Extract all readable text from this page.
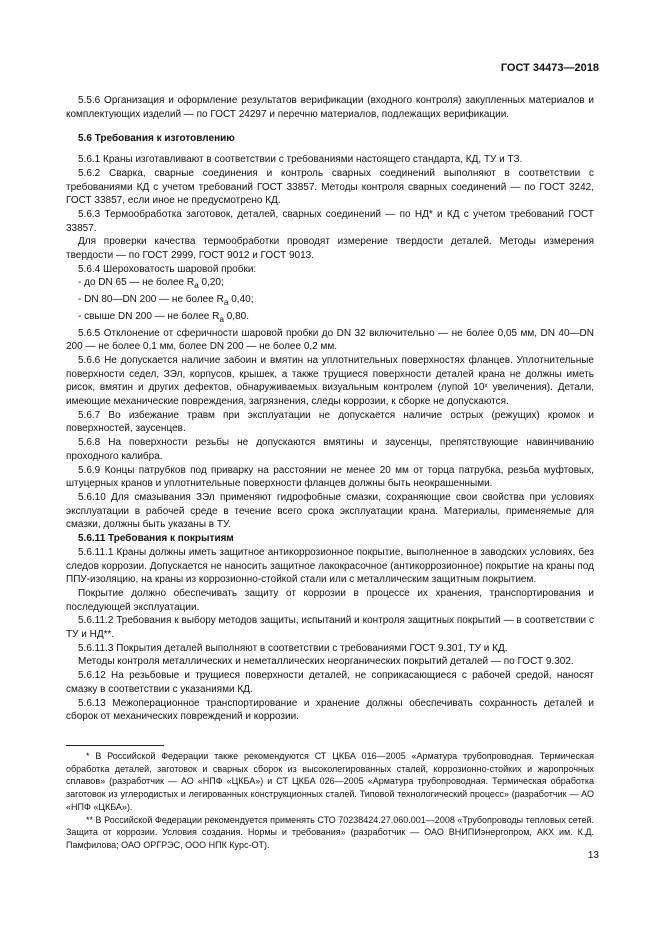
ГОСТ 34473—2018

5.5.6 Организация и оформление результатов верификации (входного контроля) закупленных материалов и комплектующих изделий — по ГОСТ 24297 и перечню материалов, подлежащих верификации.

5.6 Требования к изготовлению

5.6.1 Краны изготавливают в соответствии с требованиями настоящего стандарта, КД, ТУ и ТЗ.

5.6.2 Сварка, сварные соединения и контроль сварных соединений выполняют в соответствии с требованиями КД с учетом требований ГОСТ 33857. Методы контроля сварных соединений — по ГОСТ 3242, ГОСТ 33857, если иное не предусмотрено КД.

5.6.3 Термообработка заготовок, деталей, сварных соединений — по НД* и КД с учетом требований ГОСТ 33857.

Для проверки качества термообработки проводят измерение твердости деталей. Методы измерения твердости — по ГОСТ 2999, ГОСТ 9012 и ГОСТ 9013.

5.6.4 Шероховатость шаровой пробки:

- до DN 65 — не более $R_a$ 0,20;

- DN 80—DN 200 — не более $R_a$ 0,40;

- свыше DN 200 — не более $R_a$ 0,80.

5.6.5 Отклонение от сферичности шаровой пробки до DN 32 включительно — не более 0,05 мм, DN 40—DN 200 — не более 0,1 мм, более DN 200 — не более 0,2 мм.

5.6.6 Не допускается наличие забоин и вмятин на уплотнительных поверхностях фланцев. Уплотнительные поверхности седел, ЗЭл, корпусов, крышек, а также трущиеся поверхности деталей крана не должны иметь рисок, вмятин и других дефектов, обнаруживаемых визуальным контролем (лупой 10ˣ увеличения). Детали, имеющие механические повреждения, загрязнения, следы коррозии, к сборке не допускаются.

5.6.7 Во избежание травм при эксплуатации не допускается наличие острых (режущих) кромок и поверхностей, заусенцев.

5.6.8 На поверхности резьбы не допускаются вмятины и заусенцы, препятствующие навинчиванию проходного калибра.

5.6.9 Концы патрубков под приварку на расстоянии не менее 20 мм от торца патрубка, резьба муфтовых, штуцерных кранов и уплотнительные поверхности фланцев должны быть неокрашенными.

5.6.10 Для смазывания ЗЭл применяют гидрофобные смазки, сохраняющие свои свойства при условиях эксплуатации в рабочей среде в течение всего срока эксплуатации крана. Материалы, применяемые для смазки, должны быть указаны в ТУ.

5.6.11 Требования к покрытиям

5.6.11.1 Краны должны иметь защитное антикоррозионное покрытие, выполненное в заводских условиях, без следов коррозии. Допускается не наносить защитное лакокрасочное (антикоррозионное) покрытие на краны под ППУ-изоляцию, на краны из коррозионно-стойкой стали или с металлическим защитным покрытием.

Покрытие должно обеспечивать защиту от коррозии в процессе их хранения, транспортирования и последующей эксплуатации.

5.6.11.2 Требования к выбору методов защиты, испытаний и контроля защитных покрытий — в соответствии с ТУ и НД**.

5.6.11.3 Покрытия деталей выполняют в соответствии с требованиями ГОСТ 9.301, ТУ и КД.

Методы контроля металлических и неметаллических неорганических покрытий деталей — по ГОСТ 9.302.

5.6.12 На резьбовые и трущиеся поверхности деталей, не соприкасающиеся с рабочей средой, наносят смазку в соответствии с указаниями КД.

5.6.13 Межоперационное транспортирование и хранение должны обеспечивать сохранность деталей и сборок от механических повреждений и коррозии.

* В Российской Федерации также рекомендуются СТ ЦКБА 016—2005 «Арматура трубопроводная. Термическая обработка деталей, заготовок и сварных сборок из высоколегированных сталей, коррозионно-стойких и жаропрочных сплавов» (разработчик — АО «НПФ «ЦКБА») и СТ ЦКБА 026—2005 «Арматура трубопроводная. Термическая обработка заготовок из углеродистых и легированных конструкционных сталей. Типовой технологический процесс» (разработчик — АО «НПФ «ЦКБА»).

** В Российской Федерации рекомендуется применять СТО 70238424.27.060.001—2008 «Трубопроводы тепловых сетей. Защита от коррозии. Условия создания. Нормы и требования» (разработчик — ОАО ВНИПИэнергопром, АКХ им. К.Д. Памфилова; ОАО ОРГРЭС, ООО НПК Курс-ОТ).

13
